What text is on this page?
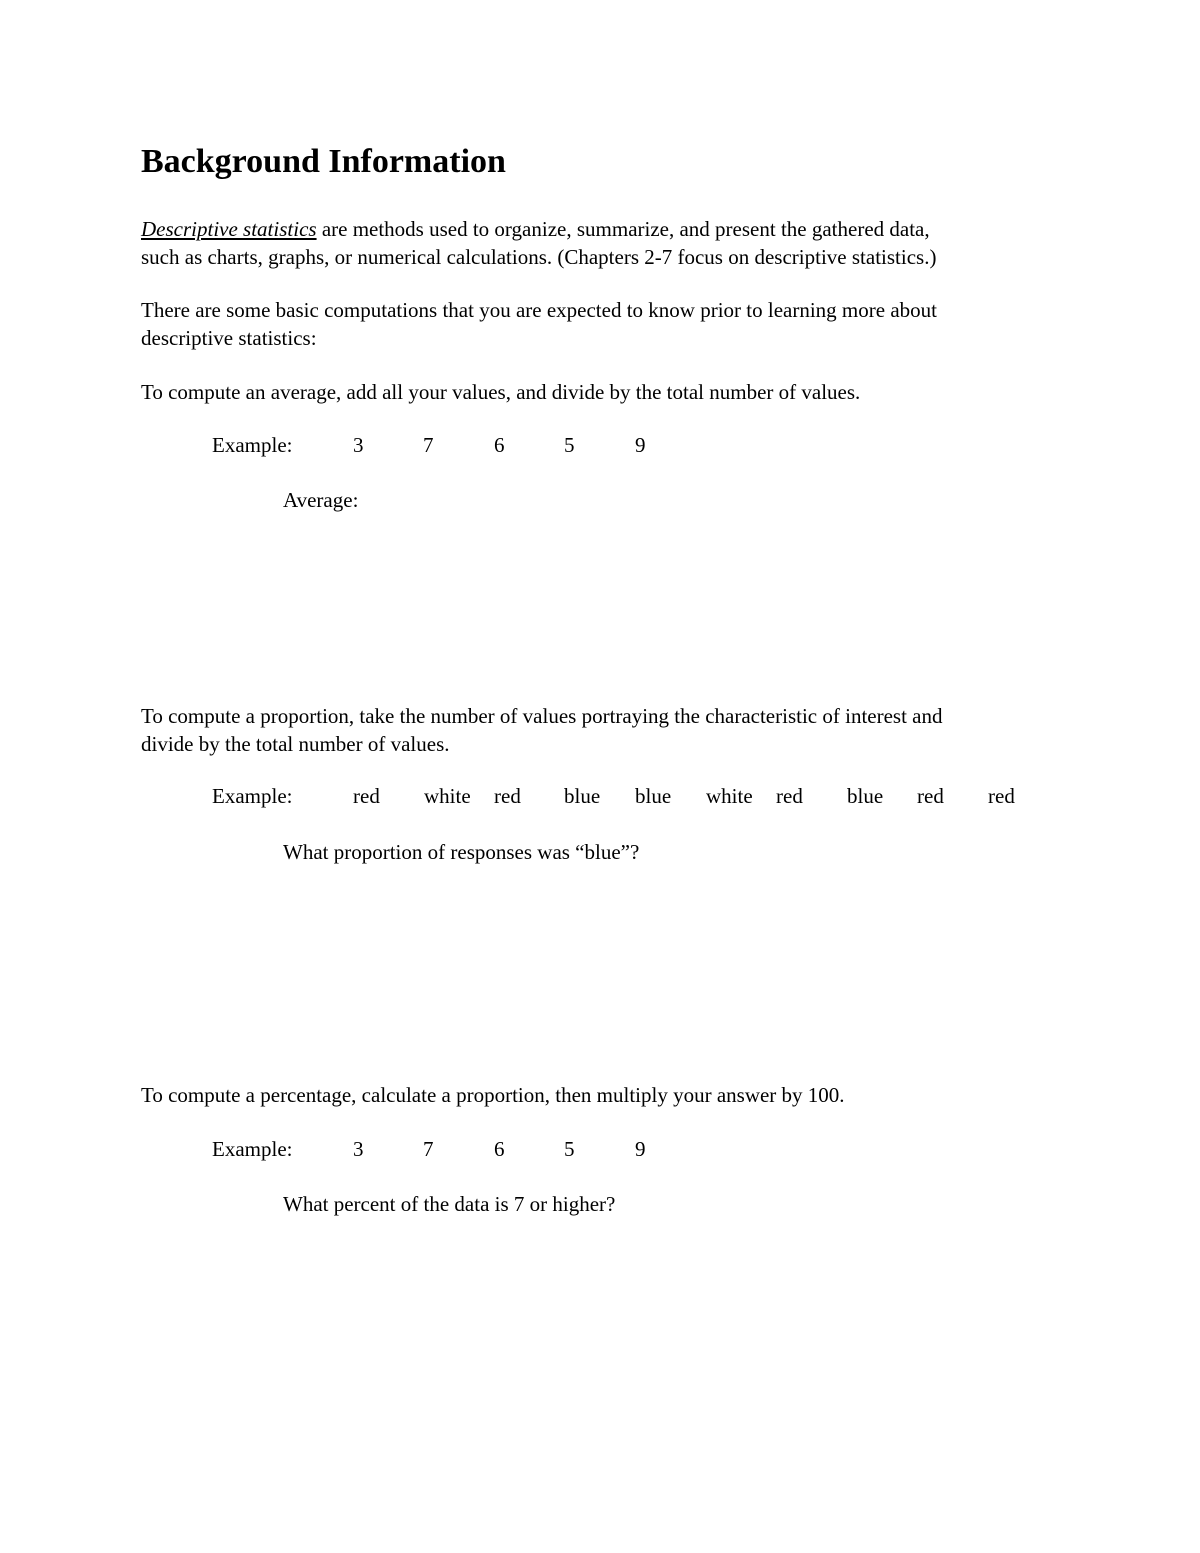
Background Information

Descriptive statistics are methods used to organize, summarize, and present the gathered data,
such as charts, graphs, or numerical calculations. (Chapters 2-7 focus on descriptive statistics.)

There are some basic computations that you are expected to know prior to learning more about
descriptive statistics:

To compute an average, add all your values, and divide by the total number of values.

Example:	3	7	6	5	9
Average:

To compute a proportion, take the number of values portraying the characteristic of interest and
divide by the total number of values.

Example:	red white red blue blue white red blue red red
What proportion of responses was “blue”?

To compute a percentage, calculate a proportion, then multiply your answer by 100.

Example:	3	7	6	5	9
What percent of the data is 7 or higher?
